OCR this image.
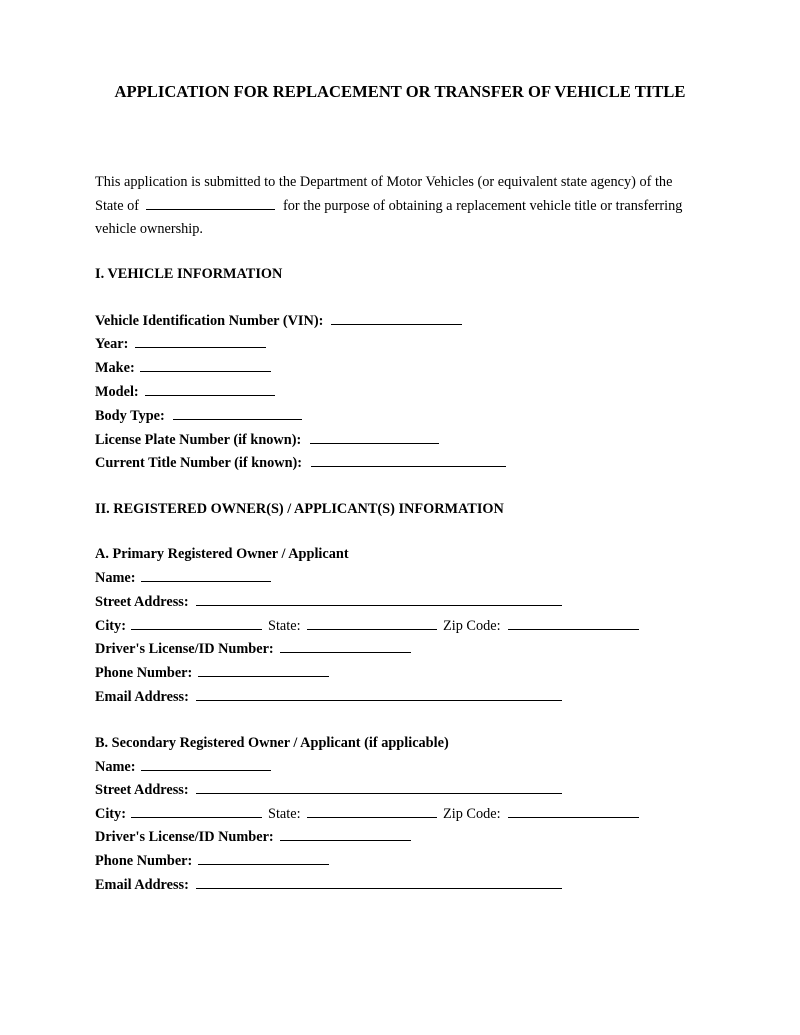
APPLICATION FOR REPLACEMENT OR TRANSFER OF VEHICLE TITLE
This application is submitted to the Department of Motor Vehicles (or equivalent state agency) of the
State of	for the purpose of obtaining a replacement vehicle title or transferring
vehicle ownership.
I. VEHICLE INFORMATION
Vehicle Identification Number (VIN):
Year:
Make:
Model:
Body Type:
License Plate Number (if known):
Current Title Number (if known):
II. REGISTERED OWNER(S) / APPLICANT(S) INFORMATION
A. Primary Registered Owner / Applicant
Name:
Street Address:
City:	State:	Zip Code:
Driver's License/ID Number:
Phone Number:
Email Address:
B. Secondary Registered Owner / Applicant (if applicable)
Name:
Street Address:
City:	State:	Zip Code:
Driver's License/ID Number:
Phone Number:
Email Address:
